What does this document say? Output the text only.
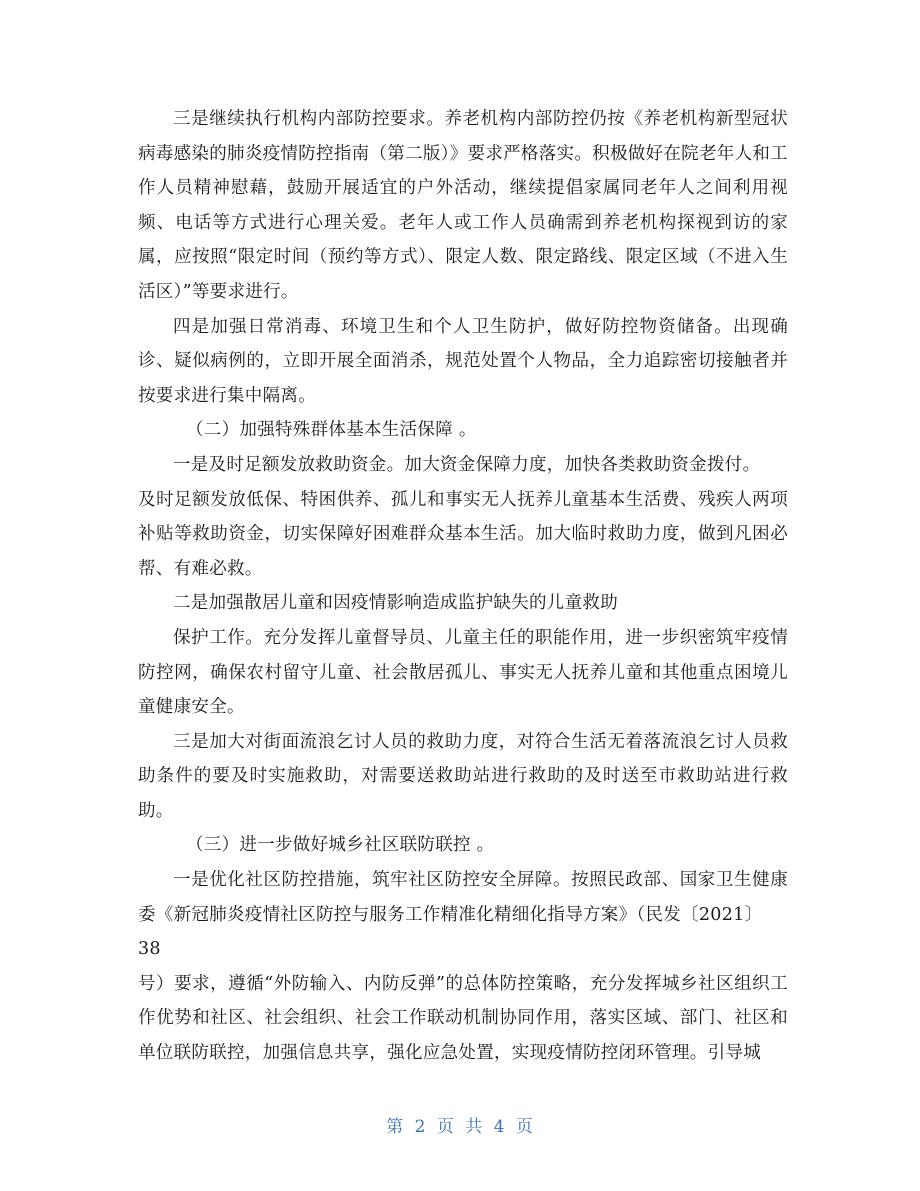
三是继续执行机构内部防控要求。养老机构内部防控仍按《养老机构新型冠状病毒感染的肺炎疫情防控指南（第二版）》要求严格落实。积极做好在院老年人和工作人员精神慰藉，鼓励开展适宜的户外活动，继续提倡家属同老年人之间利用视频、电话等方式进行心理关爱。老年人或工作人员确需到养老机构探视到访的家属，应按照“限定时间（预约等方式）、限定人数、限定路线、限定区域（不进入生活区）”等要求进行。

四是加强日常消毒、环境卫生和个人卫生防护，做好防控物资储备。出现确诊、疑似病例的，立即开展全面消杀，规范处置个人物品，全力追踪密切接触者并按要求进行集中隔离。

（二）加强特殊群体基本生活保障 。

一是及时足额发放救助资金。加大资金保障力度，加快各类救助资金拨付。

及时足额发放低保、特困供养、孤儿和事实无人抚养儿童基本生活费、残疾人两项补贴等救助资金，切实保障好困难群众基本生活。加大临时救助力度，做到凡困必帮、有难必救。

二是加强散居儿童和因疫情影响造成监护缺失的儿童救助

保护工作。充分发挥儿童督导员、儿童主任的职能作用，进一步织密筑牢疫情防控网，确保农村留守儿童、社会散居孤儿、事实无人抚养儿童和其他重点困境儿童健康安全。

三是加大对街面流浪乞讨人员的救助力度，对符合生活无着落流浪乞讨人员救助条件的要及时实施救助，对需要送救助站进行救助的及时送至市救助站进行救助。

（三）进一步做好城乡社区联防联控 。

一是优化社区防控措施，筑牢社区防控安全屏障。按照民政部、国家卫生健康委《新冠肺炎疫情社区防控与服务工作精准化精细化指导方案》（民发〔2021〕

38

号）要求，遵循“外防输入、内防反弹”的总体防控策略，充分发挥城乡社区组织工作优势和社区、社会组织、社会工作联动机制协同作用，落实区域、部门、社区和单位联防联控，加强信息共享，强化应急处置，实现疫情防控闭环管理。引导城

第 2 页 共 4 页
